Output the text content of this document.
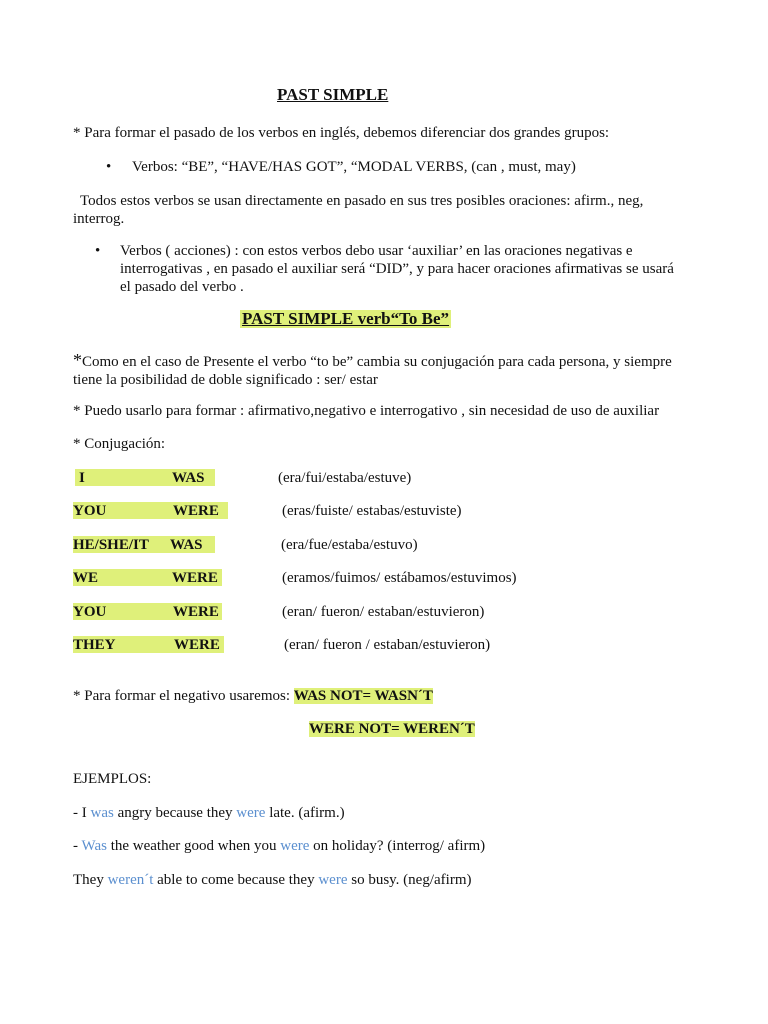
PAST SIMPLE
* Para formar el pasado de los verbos en inglés, debemos diferenciar dos grandes grupos:
• Verbos: “BE”, “HAVE/HAS GOT”, “MODAL VERBS, (can , must, may)
Todos estos verbos se usan directamente en pasado en sus tres posibles oraciones: afirm., neg, interrog.
• Verbos ( acciones) : con estos verbos debo usar ‘auxiliar’ en las oraciones negativas e interrogativas , en pasado el auxiliar será “DID”, y para hacer oraciones afirmativas se usará el pasado del verbo .
PAST SIMPLE verb“To Be”
*Como en el caso de Presente el verbo “to be” cambia su conjugación para cada persona, y siempre tiene la posibilidad de doble significado : ser/ estar
* Puedo usarlo para formar : afirmativo,negativo e interrogativo , sin necesidad de uso de auxiliar
* Conjugación:
I	WAS	(era/fui/estaba/estuve)
YOU	WERE	(eras/fuiste/ estabas/estuviste)
HE/SHE/IT WAS	(era/fue/estaba/estuvo)
WE	WERE	(eramos/fuimos/ estábamos/estuvimos)
YOU	WERE	(eran/ fueron/ estaban/estuvieron)
THEY	WERE	(eran/ fueron / estaban/estuvieron)
* Para formar el negativo usaremos: WAS NOT= WASN´T
WERE NOT= WEREN´T
EJEMPLOS:
- I was angry because they were late. (afirm.)
- Was the weather good when you were on holiday? (interrog/ afirm)
They weren´t able to come because they were so busy. (neg/afirm)
